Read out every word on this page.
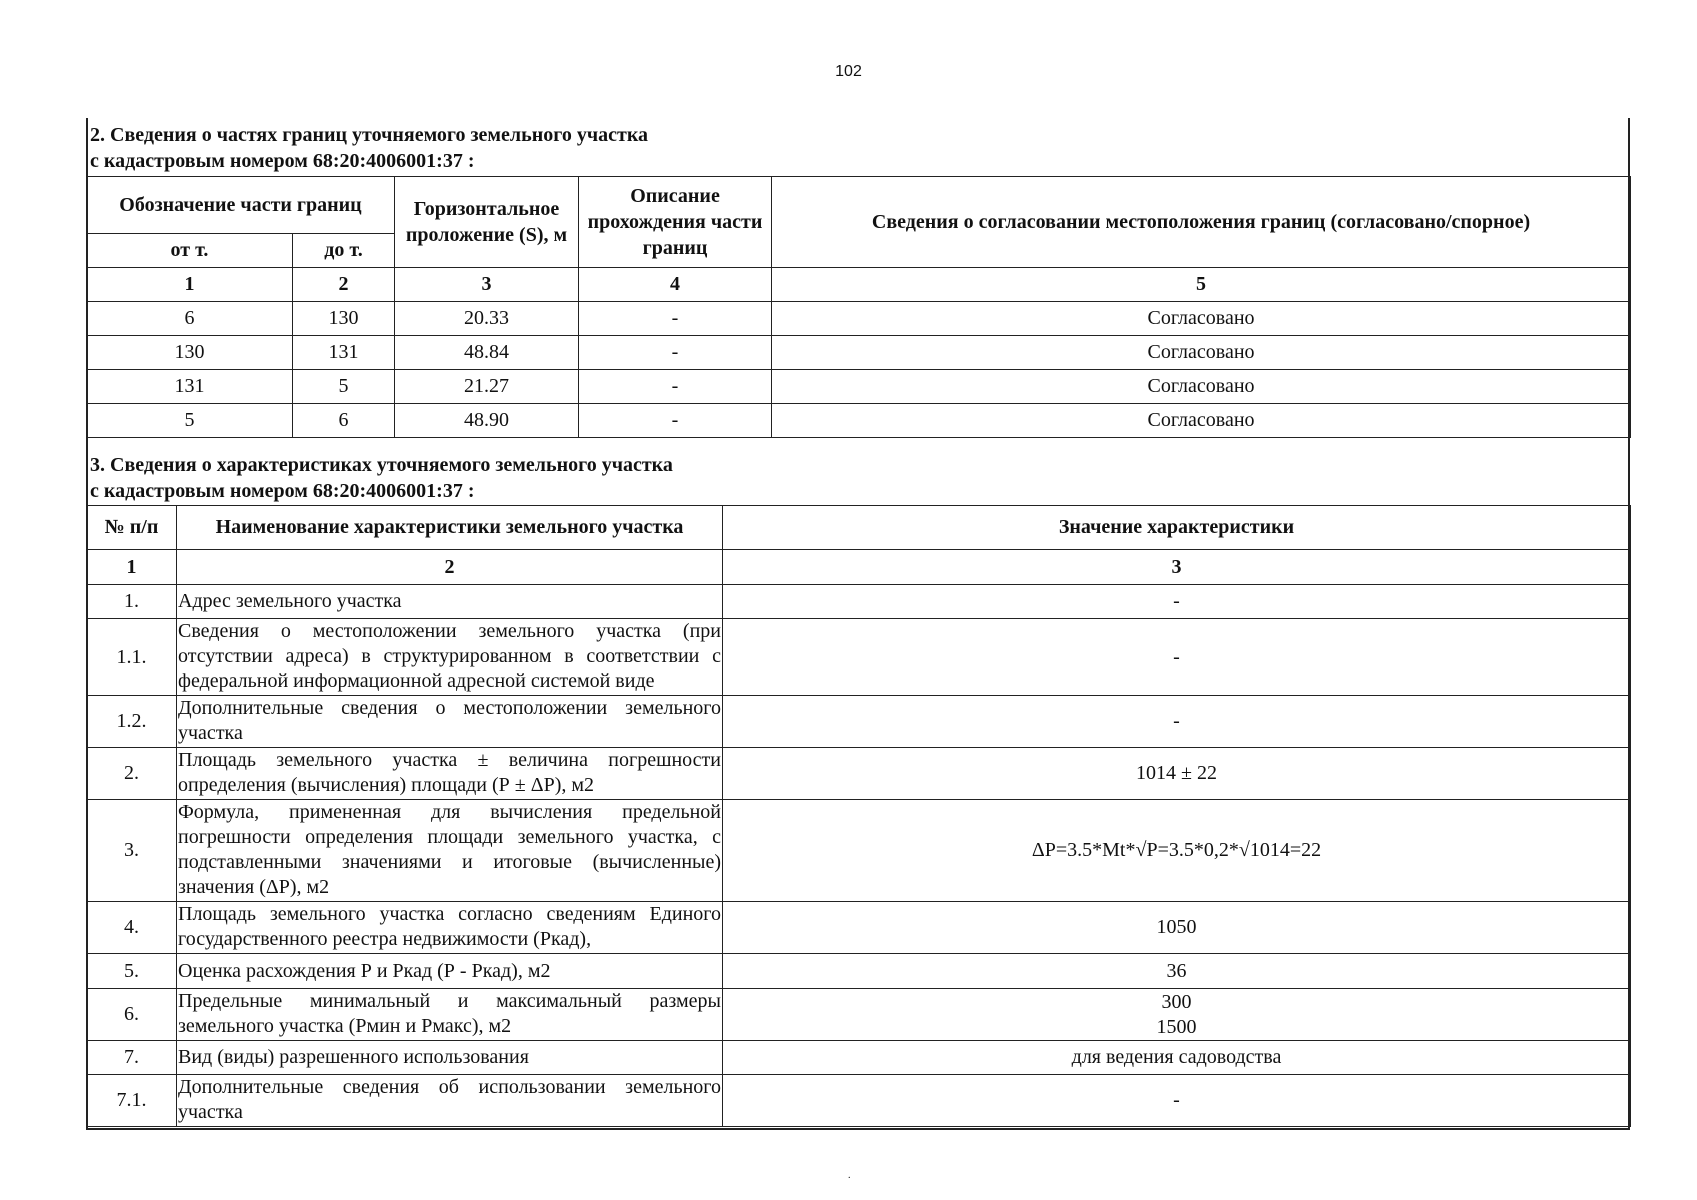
102
2. Сведения о частях границ уточняемого земельного участка
с кадастровым номером 68:20:4006001:37 :
Обозначение части границ		Горизонтальное проложение (S), м	Описание прохождения части границ	Сведения о согласовании местоположения границ (согласовано/спорное)
от т.	до т.			
1	2	3	4	5
6	130	20.33	-	Согласовано
130	131	48.84	-	Согласовано
131	5	21.27	-	Согласовано
5	6	48.90	-	Согласовано
3. Сведения о характеристиках уточняемого земельного участка
с кадастровым номером 68:20:4006001:37 :
№ п/п	Наименование характеристики земельного участка	Значение характеристики
1	2	3
1.	Адрес земельного участка	-
1.1.	Сведения о местоположении земельного участка (при отсутствии адреса) в структурированном в соответствии с федеральной информационной адресной системой виде	-
1.2.	Дополнительные сведения о местоположении земельного участка	-
2.	Площадь земельного участка ± величина погрешности определения (вычисления) площади (Р ± ΔР), м2	1014 ± 22
3.	Формула, примененная для вычисления предельной погрешности определения площади земельного участка, с подставленными значениями и итоговые (вычисленные) значения (ΔР), м2	ΔP=3.5*Mt*√P=3.5*0,2*√1014=22
4.	Площадь земельного участка согласно сведениям Единого государственного реестра недвижимости (Ркад),	1050
5.	Оценка расхождения Р и Ркад (Р - Ркад), м2	36
6.	Предельные минимальный и максимальный размеры земельного участка (Рмин и Рмакс), м2	300
1500

7.	Вид (виды) разрешенного использования	для ведения садоводства
7.1.	Дополнительные сведения об использовании земельного участка	-
.
